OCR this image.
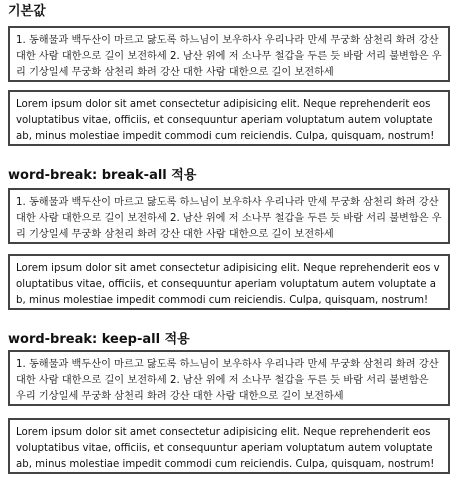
기본값

1. 동해물과 백두산이 마르고 닳도록 하느님이 보우하사 우리나라 만세 무궁화 삼천리 화려 강산 대한 사람 대한으로 길이 보전하세 2. 남산 위에 저 소나무 철갑을 두른 듯 바람 서리 불변함은 우리 기상일세 무궁화 삼천리 화려 강산 대한 사람 대한으로 길이 보전하세

Lorem ipsum dolor sit amet consectetur adipisicing elit. Neque reprehenderit eos voluptatibus vitae, officiis, et consequuntur aperiam voluptatum autem voluptate ab, minus molestiae impedit commodi cum reiciendis. Culpa, quisquam, nostrum!

word-break: break-all 적용

1. 동해물과 백두산이 마르고 닳도록 하느님이 보우하사 우리나라 만세 무궁화 삼천리 화려 강산 대한 사람 대한으로 길이 보전하세 2. 남산 위에 저 소나무 철갑을 두른 듯 바람 서리 불변함은 우리 기상일세 무궁화 삼천리 화려 강산 대한 사람 대한으로 길이 보전하세

Lorem ipsum dolor sit amet consectetur adipisicing elit. Neque reprehenderit eos voluptatibus vitae, officiis, et consequuntur aperiam voluptatum autem voluptate ab, minus molestiae impedit commodi cum reiciendis. Culpa, quisquam, nostrum!

word-break: keep-all 적용

1. 동해물과 백두산이 마르고 닳도록 하느님이 보우하사 우리나라 만세 무궁화 삼천리 화려 강산 대한 사람 대한으로 길이 보전하세 2. 남산 위에 저 소나무 철갑을 두른 듯 바람 서리 불변함은 우리 기상일세 무궁화 삼천리 화려 강산 대한 사람 대한으로 길이 보전하세

Lorem ipsum dolor sit amet consectetur adipisicing elit. Neque reprehenderit eos voluptatibus vitae, officiis, et consequuntur aperiam voluptatum autem voluptate ab, minus molestiae impedit commodi cum reiciendis. Culpa, quisquam, nostrum!
